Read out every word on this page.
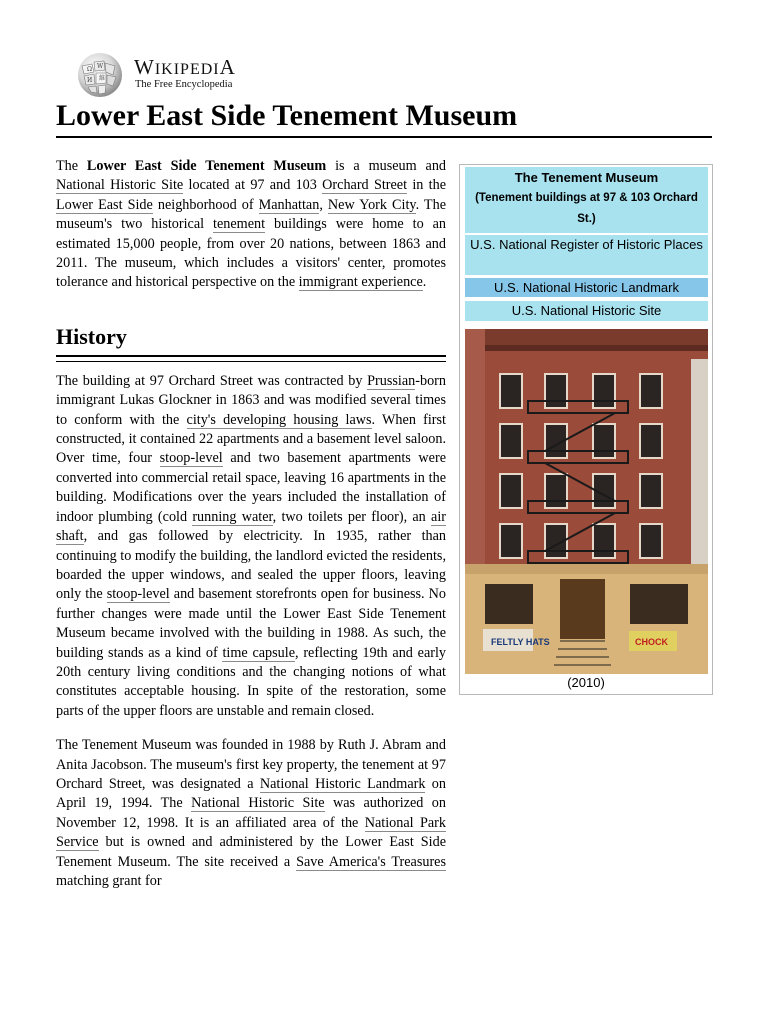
Ω W
維
И
WIKIPEDIA
The Free Encyclopedia
Lower East Side Tenement Museum

The Lower East Side Tenement Museum is a museum and National Historic Site located at 97 and 103 Orchard Street in the Lower East Side neighborhood of Manhattan, New York City. The museum's two historical tenement buildings were home to an estimated 15,000 people, from over 20 nations, between 1863 and 2011. The museum, which includes a visitors' center, promotes tolerance and historical perspective on the immigrant experience.

History

The building at 97 Orchard Street was contracted by Prussian-born immigrant Lukas Glockner in 1863 and was modified several times to conform with the city's developing housing laws. When first constructed, it contained 22 apartments and a basement level saloon. Over time, four stoop-level and two basement apartments were converted into commercial retail space, leaving 16 apartments in the building. Modifications over the years included the installation of indoor plumbing (cold running water, two toilets per floor), an air shaft, and gas followed by electricity. In 1935, rather than continuing to modify the building, the landlord evicted the residents, boarded the upper windows, and sealed the upper floors, leaving only the stoop-level and basement storefronts open for business. No further changes were made until the Lower East Side Tenement Museum became involved with the building in 1988. As such, the building stands as a kind of time capsule, reflecting 19th and early 20th century living conditions and the changing notions of what constitutes acceptable housing. In spite of the restoration, some parts of the upper floors are unstable and remain closed.

The Tenement Museum was founded in 1988 by Ruth J. Abram and Anita Jacobson. The museum's first key property, the tenement at 97 Orchard Street, was designated a National Historic Landmark on April 19, 1994. The National Historic Site was authorized on November 12, 1998. It is an affiliated area of the National Park Service but is owned and administered by the Lower East Side Tenement Museum. The site received a Save America's Treasures matching grant for

The Tenement Museum
(Tenement buildings at 97 & 103 Orchard St.)
U.S. National Register of Historic Places
U.S. National Historic Landmark
U.S. National Historic Site
FELTLY HATS	CHOCK
(2010)
